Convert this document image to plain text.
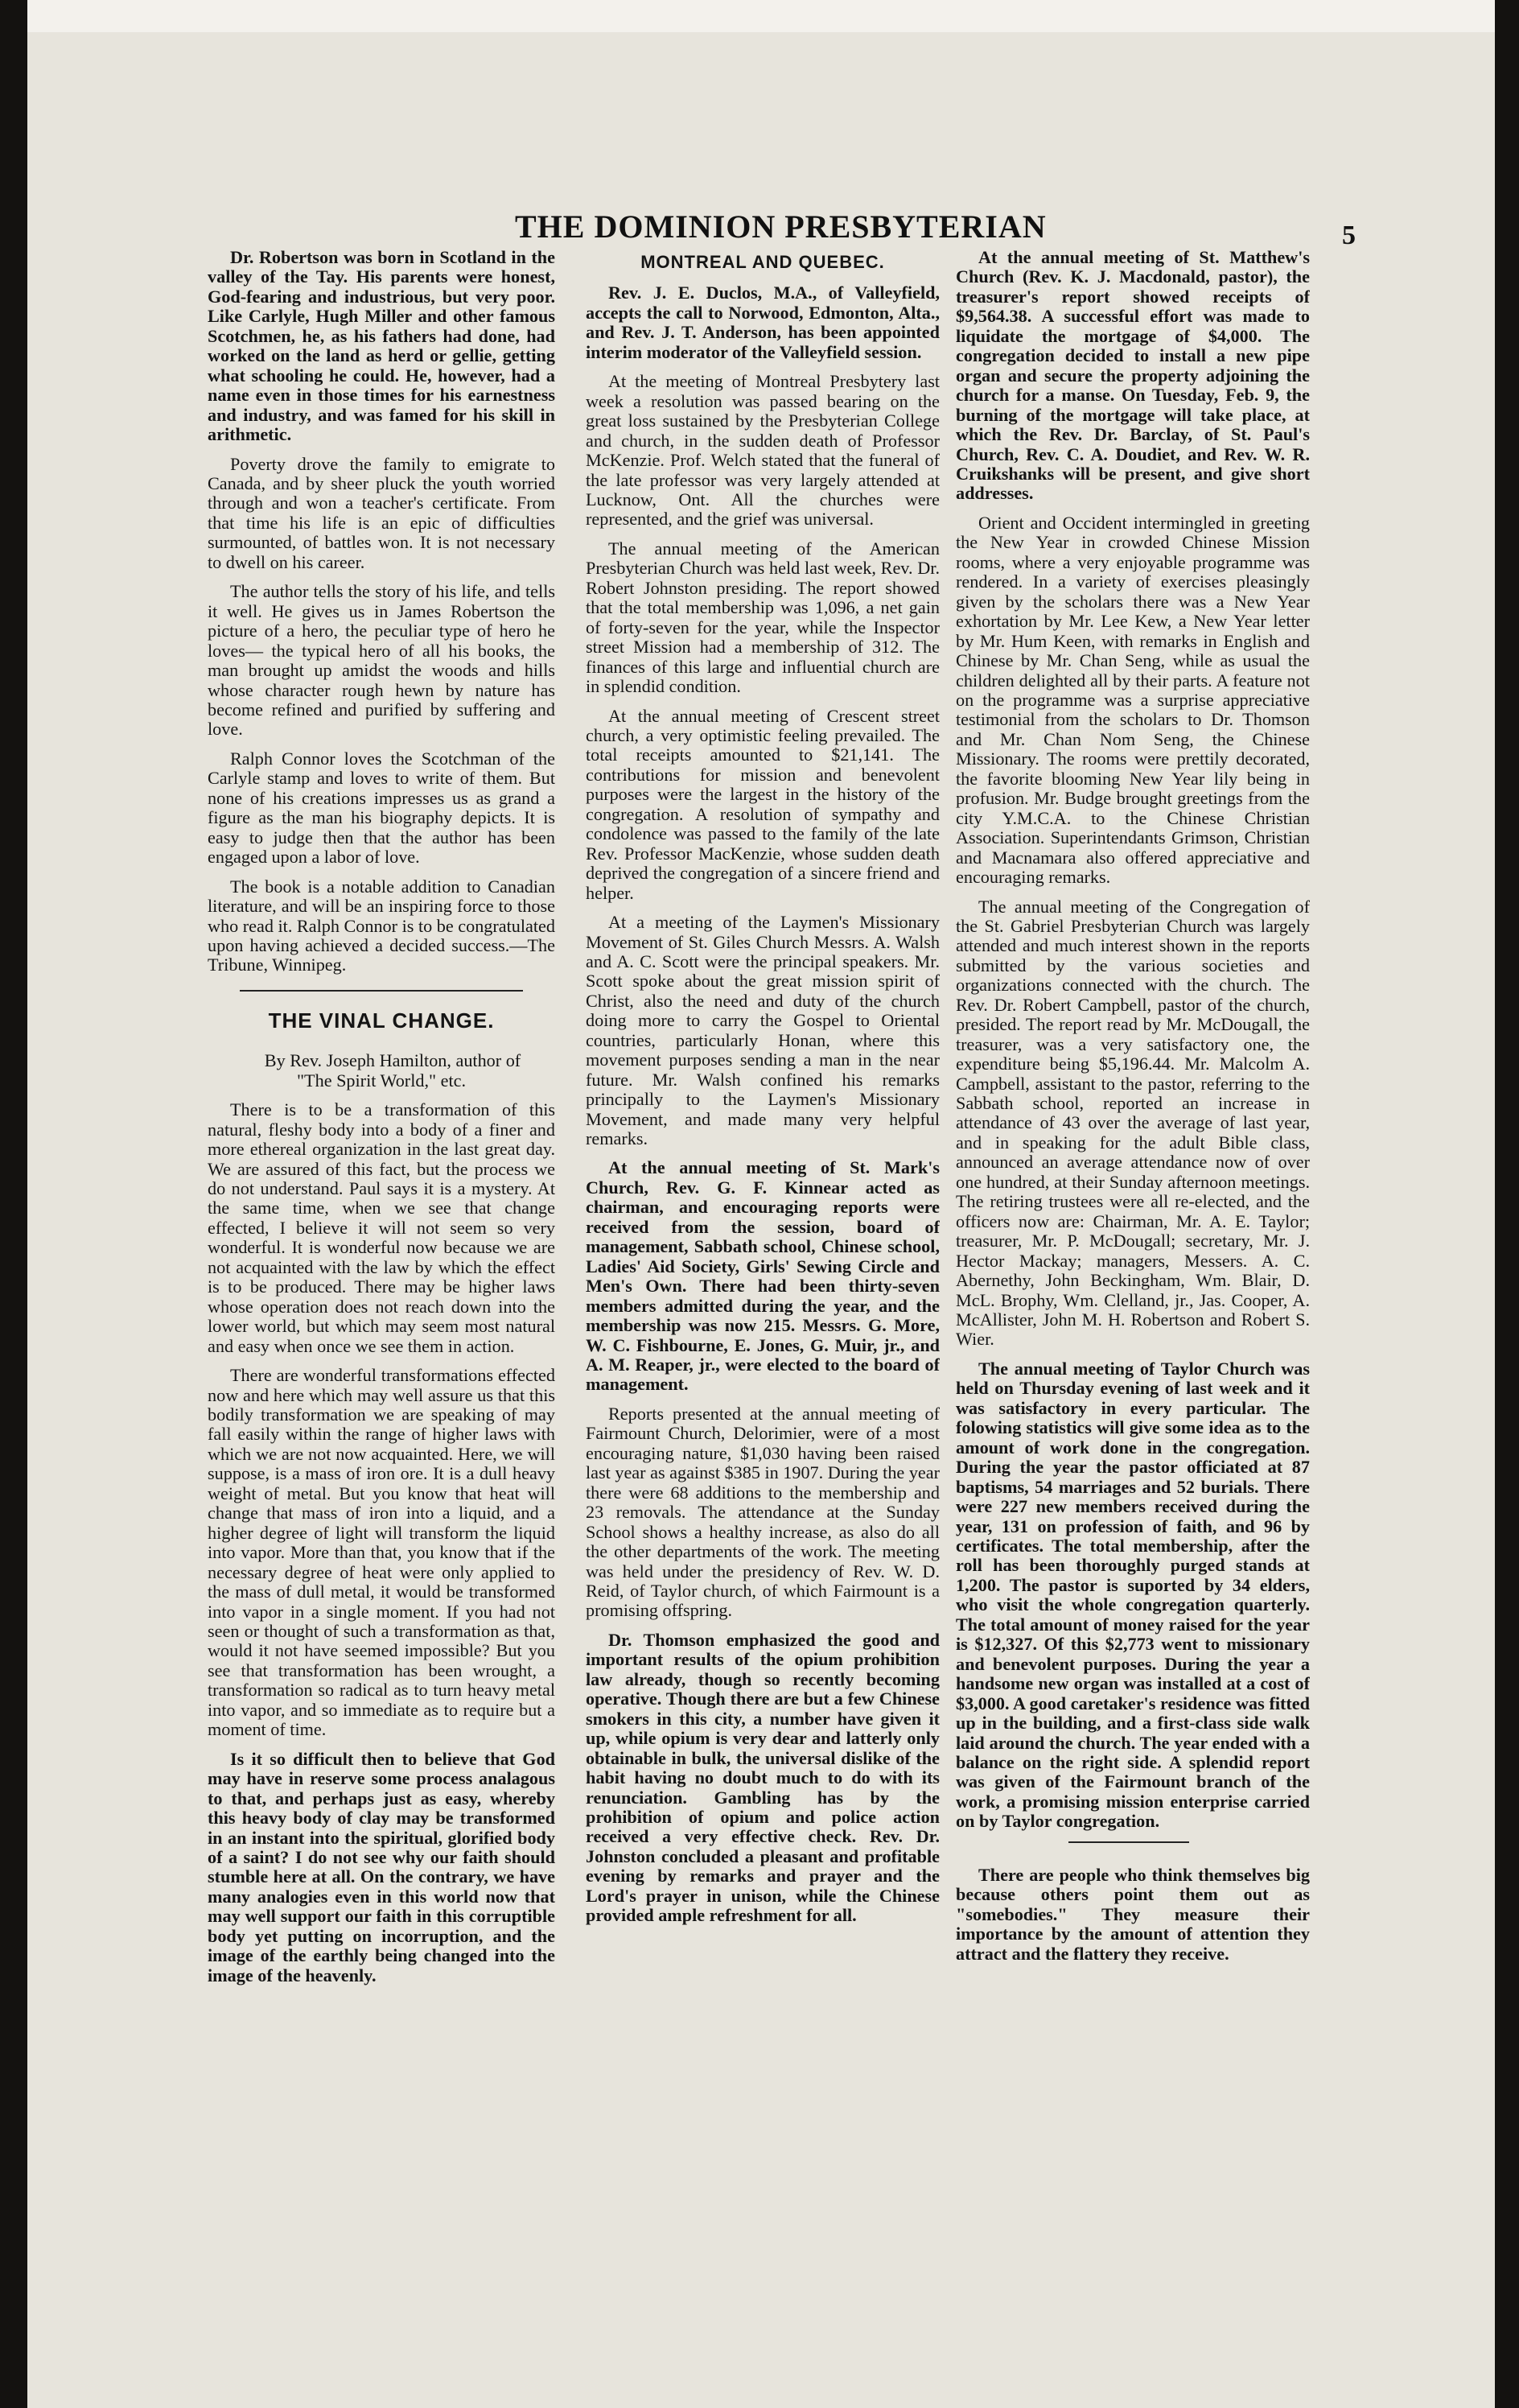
THE DOMINION PRESBYTERIAN	5

Dr. Robertson was born in Scotland in the valley of the Tay. His parents were honest, God-fearing and industrious, but very poor. Like Carlyle, Hugh Miller and other famous Scotchmen, he, as his fathers had done, had worked on the land as herd or gellie, getting what schooling he could. He, however, had a name even in those times for his earnestness and industry, and was famed for his skill in arithmetic.

Poverty drove the family to emigrate to Canada, and by sheer pluck the youth worried through and won a teacher's certificate. From that time his life is an epic of difficulties surmounted, of battles won. It is not necessary to dwell on his career.

The author tells the story of his life, and tells it well. He gives us in James Robertson the picture of a hero, the peculiar type of hero he loves— the typical hero of all his books, the man brought up amidst the woods and hills whose character rough hewn by nature has become refined and purified by suffering and love.

Ralph Connor loves the Scotchman of the Carlyle stamp and loves to write of them. But none of his creations impresses us as grand a figure as the man his biography depicts. It is easy to judge then that the author has been engaged upon a labor of love.

The book is a notable addition to Canadian literature, and will be an inspiring force to those who read it. Ralph Connor is to be congratulated upon having achieved a decided success.—The Tribune, Winnipeg.

THE VINAL CHANGE.

By Rev. Joseph Hamilton, author of
"The Spirit World," etc.

There is to be a transformation of this natural, fleshy body into a body of a finer and more ethereal organization in the last great day. We are assured of this fact, but the process we do not understand. Paul says it is a mystery. At the same time, when we see that change effected, I believe it will not seem so very wonderful. It is wonderful now because we are not acquainted with the law by which the effect is to be produced. There may be higher laws whose operation does not reach down into the lower world, but which may seem most natural and easy when once we see them in action.

There are wonderful transformations effected now and here which may well assure us that this bodily transformation we are speaking of may fall easily within the range of higher laws with which we are not now acquainted. Here, we will suppose, is a mass of iron ore. It is a dull heavy weight of metal. But you know that heat will change that mass of iron into a liquid, and a higher degree of light will transform the liquid into vapor. More than that, you know that if the necessary degree of heat were only applied to the mass of dull metal, it would be transformed into vapor in a single moment. If you had not seen or thought of such a transformation as that, would it not have seemed impossible? But you see that transformation has been wrought, a transformation so radical as to turn heavy metal into vapor, and so immediate as to require but a moment of time.

Is it so difficult then to believe that God may have in reserve some process analagous to that, and perhaps just as easy, whereby this heavy body of clay may be transformed in an instant into the spiritual, glorified body of a saint? I do not see why our faith should stumble here at all. On the contrary, we have many analogies even in this world now that may well support our faith in this corruptible body yet putting on incorruption, and the image of the earthly being changed into the image of the heavenly.

MONTREAL AND QUEBEC.

Rev. J. E. Duclos, M.A., of Valleyfield, accepts the call to Norwood, Edmonton, Alta., and Rev. J. T. Anderson, has been appointed interim moderator of the Valleyfield session.

At the meeting of Montreal Presbytery last week a resolution was passed bearing on the great loss sustained by the Presbyterian College and church, in the sudden death of Professor McKenzie. Prof. Welch stated that the funeral of the late professor was very largely attended at Lucknow, Ont. All the churches were represented, and the grief was universal.

The annual meeting of the American Presbyterian Church was held last week, Rev. Dr. Robert Johnston presiding. The report showed that the total membership was 1,096, a net gain of forty-seven for the year, while the Inspector street Mission had a membership of 312. The finances of this large and influential church are in splendid condition.

At the annual meeting of Crescent street church, a very optimistic feeling prevailed. The total receipts amounted to $21,141. The contributions for mission and benevolent purposes were the largest in the history of the congregation. A resolution of sympathy and condolence was passed to the family of the late Rev. Professor MacKenzie, whose sudden death deprived the congregation of a sincere friend and helper.

At a meeting of the Laymen's Missionary Movement of St. Giles Church Messrs. A. Walsh and A. C. Scott were the principal speakers. Mr. Scott spoke about the great mission spirit of Christ, also the need and duty of the church doing more to carry the Gospel to Oriental countries, particularly Honan, where this movement purposes sending a man in the near future. Mr. Walsh confined his remarks principally to the Laymen's Missionary Movement, and made many very helpful remarks.

At the annual meeting of St. Mark's Church, Rev. G. F. Kinnear acted as chairman, and encouraging reports were received from the session, board of management, Sabbath school, Chinese school, Ladies' Aid Society, Girls' Sewing Circle and Men's Own. There had been thirty-seven members admitted during the year, and the membership was now 215. Messrs. G. More, W. C. Fishbourne, E. Jones, G. Muir, jr., and A. M. Reaper, jr., were elected to the board of management.

Reports presented at the annual meeting of Fairmount Church, Delorimier, were of a most encouraging nature, $1,030 having been raised last year as against $385 in 1907. During the year there were 68 additions to the membership and 23 removals. The attendance at the Sunday School shows a healthy increase, as also do all the other departments of the work. The meeting was held under the presidency of Rev. W. D. Reid, of Taylor church, of which Fairmount is a promising offspring.

Dr. Thomson emphasized the good and important results of the opium prohibition law already, though so recently becoming operative. Though there are but a few Chinese smokers in this city, a number have given it up, while opium is very dear and latterly only obtainable in bulk, the universal dislike of the habit having no doubt much to do with its renunciation. Gambling has by the prohibition of opium and police action received a very effective check. Rev. Dr. Johnston concluded a pleasant and profitable evening by remarks and prayer and the Lord's prayer in unison, while the Chinese provided ample refreshment for all.

At the annual meeting of St. Matthew's Church (Rev. K. J. Macdonald, pastor), the treasurer's report showed receipts of $9,564.38. A successful effort was made to liquidate the mortgage of $4,000. The congregation decided to install a new pipe organ and secure the property adjoining the church for a manse. On Tuesday, Feb. 9, the burning of the mortgage will take place, at which the Rev. Dr. Barclay, of St. Paul's Church, Rev. C. A. Doudiet, and Rev. W. R. Cruikshanks will be present, and give short addresses.

Orient and Occident intermingled in greeting the New Year in crowded Chinese Mission rooms, where a very enjoyable programme was rendered. In a variety of exercises pleasingly given by the scholars there was a New Year exhortation by Mr. Lee Kew, a New Year letter by Mr. Hum Keen, with remarks in English and Chinese by Mr. Chan Seng, while as usual the children delighted all by their parts. A feature not on the programme was a surprise appreciative testimonial from the scholars to Dr. Thomson and Mr. Chan Nom Seng, the Chinese Missionary. The rooms were prettily decorated, the favorite blooming New Year lily being in profusion. Mr. Budge brought greetings from the city Y.M.C.A. to the Chinese Christian Association. Superintendants Grimson, Christian and Macnamara also offered appreciative and encouraging remarks.

The annual meeting of the Congregation of the St. Gabriel Presbyterian Church was largely attended and much interest shown in the reports submitted by the various societies and organizations connected with the church. The Rev. Dr. Robert Campbell, pastor of the church, presided. The report read by Mr. McDougall, the treasurer, was a very satisfactory one, the expenditure being $5,196.44. Mr. Malcolm A. Campbell, assistant to the pastor, referring to the Sabbath school, reported an increase in attendance of 43 over the average of last year, and in speaking for the adult Bible class, announced an average attendance now of over one hundred, at their Sunday afternoon meetings. The retiring trustees were all re-elected, and the officers now are: Chairman, Mr. A. E. Taylor; treasurer, Mr. P. McDougall; secretary, Mr. J. Hector Mackay; managers, Messers. A. C. Abernethy, John Beckingham, Wm. Blair, D. McL. Brophy, Wm. Clelland, jr., Jas. Cooper, A. McAllister, John M. H. Robertson and Robert S. Wier.

The annual meeting of Taylor Church was held on Thursday evening of last week and it was satisfactory in every particular. The folowing statistics will give some idea as to the amount of work done in the congregation. During the year the pastor officiated at 87 baptisms, 54 marriages and 52 burials. There were 227 new members received during the year, 131 on profession of faith, and 96 by certificates. The total membership, after the roll has been thoroughly purged stands at 1,200. The pastor is suported by 34 elders, who visit the whole congregation quarterly. The total amount of money raised for the year is $12,327. Of this $2,773 went to missionary and benevolent purposes. During the year a handsome new organ was installed at a cost of $3,000. A good caretaker's residence was fitted up in the building, and a first-class side walk laid around the church. The year ended with a balance on the right side. A splendid report was given of the Fairmount branch of the work, a promising mission enterprise carried on by Taylor congregation.

There are people who think themselves big because others point them out as "somebodies." They measure their importance by the amount of attention they attract and the flattery they receive.
